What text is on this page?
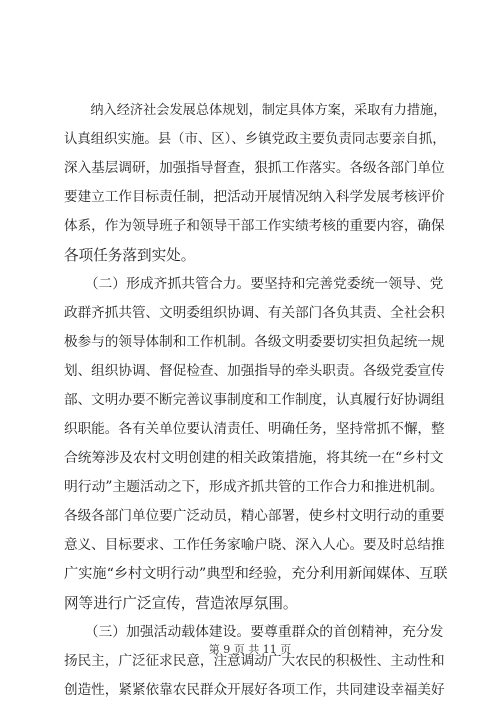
　　纳入经济社会发展总体规划，制定具体方案，采取有力措施，
认真组织实施。县（市、区）、乡镇党政主要负责同志要亲自抓，
深入基层调研，加强指导督查，狠抓工作落实。各级各部门单位
要建立工作目标责任制，把活动开展情况纳入科学发展考核评价
体系，作为领导班子和领导干部工作实绩考核的重要内容，确保
各项任务落到实处。
　　（二）形成齐抓共管合力。要坚持和完善党委统一领导、党
政群齐抓共管、文明委组织协调、有关部门各负其责、全社会积
极参与的领导体制和工作机制。各级文明委要切实担负起统一规
划、组织协调、督促检查、加强指导的牵头职责。各级党委宣传
部、文明办要不断完善议事制度和工作制度，认真履行好协调组
织职能。各有关单位要认清责任、明确任务，坚持常抓不懈，整
合统筹涉及农村文明创建的相关政策措施，将其统一在“乡村文
明行动”主题活动之下，形成齐抓共管的工作合力和推进机制。
各级各部门单位要广泛动员，精心部署，使乡村文明行动的重要
意义、目标要求、工作任务家喻户晓、深入人心。要及时总结推
广实施“乡村文明行动”典型和经验，充分利用新闻媒体、互联
网等进行广泛宣传，营造浓厚氛围。
　　（三）加强活动载体建设。要尊重群众的首创精神，充分发
扬民主，广泛征求民意，注意调动广大农民的积极性、主动性和
创造性，紧紧依靠农民群众开展好各项工作，共同建设幸福美好
第 9 页 共 11 页
